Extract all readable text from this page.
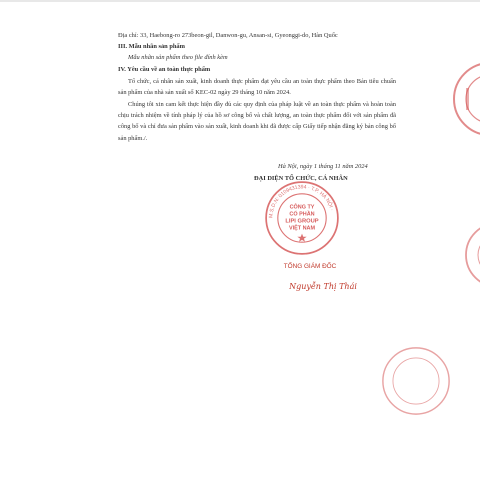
Địa chỉ: 33, Haebong-ro 273beon-gil, Danwon-gu, Ansan-si, Gyeonggi-do, Hàn Quốc
III. Mẫu nhãn sản phẩm
Mẫu nhãn sản phẩm theo file đính kèm
IV. Yêu cầu về an toàn thực phẩm
Tổ chức, cá nhân sản xuất, kinh doanh thực phẩm đạt yêu cầu an toàn thực phẩm theo Bản tiêu chuẩn sản phẩm của nhà sản xuất số KEC-02 ngày 29 tháng 10 năm 2024.
Chúng tôi xin cam kết thực hiện đầy đủ các quy định của pháp luật về an toàn thực phẩm và hoàn toàn chịu trách nhiệm về tính pháp lý của hồ sơ công bố và chất lượng, an toàn thực phẩm đối với sản phẩm đã công bố và chỉ đưa sản phẩm vào sản xuất, kinh doanh khi đã được cấp Giấy tiếp nhận đăng ký bản công bố sản phẩm./.
Hà Nội, ngày 1 tháng 11 năm 2024
ĐẠI DIỆN TỔ CHỨC, CÁ NHÂN
M.S.D.N: 0109431394 · T.P. HÀ NỘI ·
CÔNG TY
CỔ PHẦN
LIPI GROUP
VIỆT NAM
TỔNG GIÁM ĐỐC
Nguyễn Thị Thái
